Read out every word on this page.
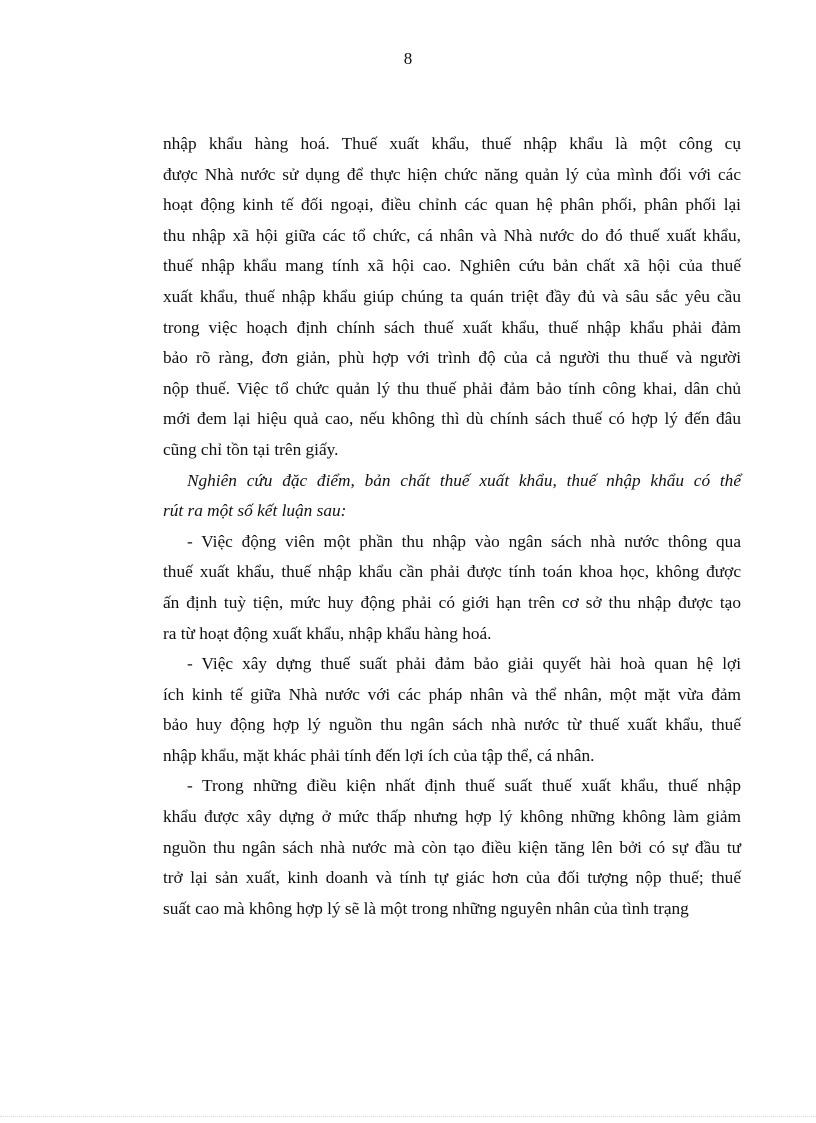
8

nhập khẩu hàng hoá. Thuế xuất khẩu, thuế nhập khẩu là một công cụ
được Nhà nước sử dụng để thực hiện chức năng quản lý của mình đối với các
hoạt động kinh tế đối ngoại, điều chỉnh các quan hệ phân phối, phân phối lại
thu nhập xã hội giữa các tổ chức, cá nhân và Nhà nước do đó thuế xuất khẩu,
thuế nhập khẩu mang tính xã hội cao. Nghiên cứu bản chất xã hội của thuế
xuất khẩu, thuế nhập khẩu giúp chúng ta quán triệt đầy đủ và sâu sắc yêu cầu
trong việc hoạch định chính sách thuế xuất khẩu, thuế nhập khẩu phải đảm
bảo rõ ràng, đơn giản, phù hợp với trình độ của cả người thu thuế và người
nộp thuế. Việc tổ chức quản lý thu thuế phải đảm bảo tính công khai, dân chủ
mới đem lại hiệu quả cao, nếu không thì dù chính sách thuế có hợp lý đến đâu
cũng chỉ tồn tại trên giấy.

Nghiên cứu đặc điểm, bản chất thuế xuất khẩu, thuế nhập khẩu có thể
rút ra một số kết luận sau:

- Việc động viên một phần thu nhập vào ngân sách nhà nước thông qua
thuế xuất khẩu, thuế nhập khẩu cần phải được tính toán khoa học, không được
ấn định tuỳ tiện, mức huy động phải có giới hạn trên cơ sở thu nhập được tạo
ra từ hoạt động xuất khẩu, nhập khẩu hàng hoá.

- Việc xây dựng thuế suất phải đảm bảo giải quyết hài hoà quan hệ lợi
ích kinh tế giữa Nhà nước với các pháp nhân và thể nhân, một mặt vừa đảm
bảo huy động hợp lý nguồn thu ngân sách nhà nước từ thuế xuất khẩu, thuế
nhập khẩu, mặt khác phải tính đến lợi ích của tập thể, cá nhân.

- Trong những điều kiện nhất định thuế suất thuế xuất khẩu, thuế nhập
khẩu được xây dựng ở mức thấp nhưng hợp lý không những không làm giảm
nguồn thu ngân sách nhà nước mà còn tạo điều kiện tăng lên bởi có sự đầu tư
trở lại sản xuất, kinh doanh và tính tự giác hơn của đối tượng nộp thuế; thuế
suất cao mà không hợp lý sẽ là một trong những nguyên nhân của tình trạng
